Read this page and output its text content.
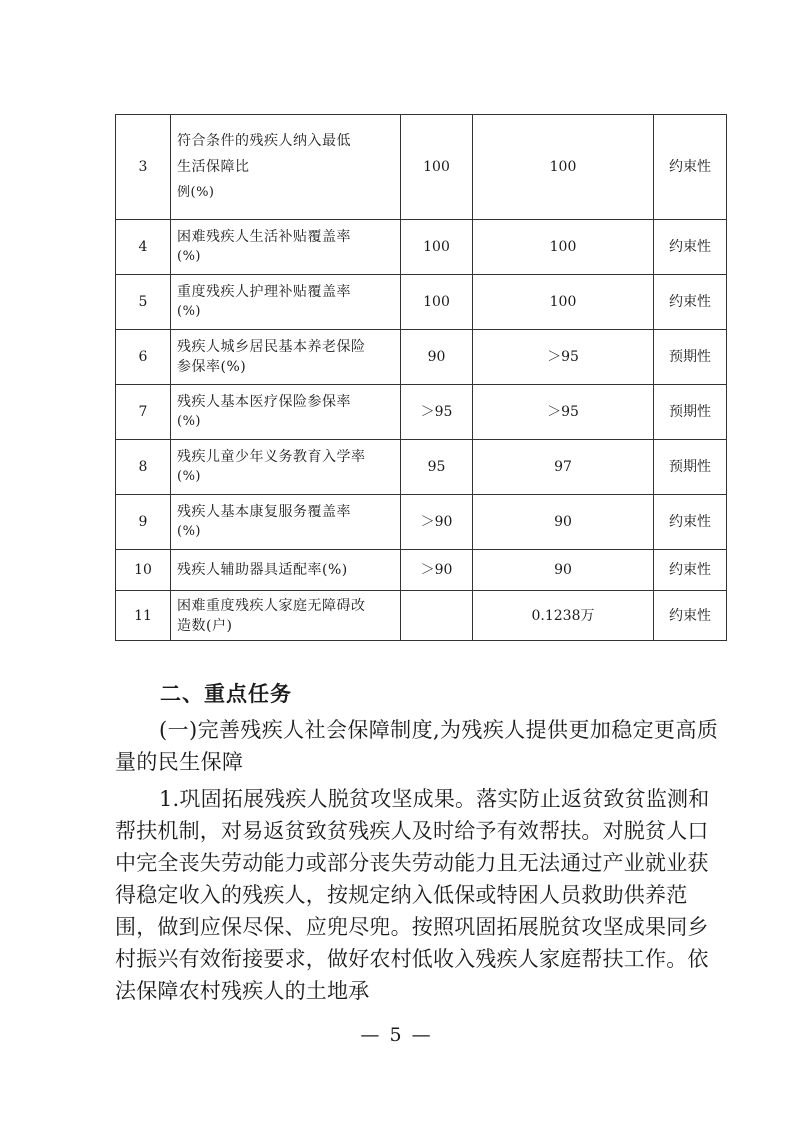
3	符合条件的残疾人纳入最低
生活保障比
例(%)	100	100	约束性
4	困难残疾人生活补贴覆盖率
(%)	100	100	约束性
5	重度残疾人护理补贴覆盖率
(%)	100	100	约束性
6	残疾人城乡居民基本养老保险
参保率(%)	90	＞95	预期性
7	残疾人基本医疗保险参保率
(%)	＞95	＞95	预期性
8	残疾儿童少年义务教育入学率
(%)	95	97	预期性
9	残疾人基本康复服务覆盖率
(%)	＞90	90	约束性
10	残疾人辅助器具适配率(%)	＞90	90	约束性
11	困难重度残疾人家庭无障碍改
造数(户)		0.1238万	约束性
二、重点任务
(一)完善残疾人社会保障制度,为残疾人提供更加稳定更高质量的民生保障
1.巩固拓展残疾人脱贫攻坚成果。落实防止返贫致贫监测和帮扶机制，对易返贫致贫残疾人及时给予有效帮扶。对脱贫人口中完全丧失劳动能力或部分丧失劳动能力且无法通过产业就业获得稳定收入的残疾人，按规定纳入低保或特困人员救助供养范围，做到应保尽保、应兜尽兜。按照巩固拓展脱贫攻坚成果同乡村振兴有效衔接要求，做好农村低收入残疾人家庭帮扶工作。依法保障农村残疾人的土地承
— 5 —
